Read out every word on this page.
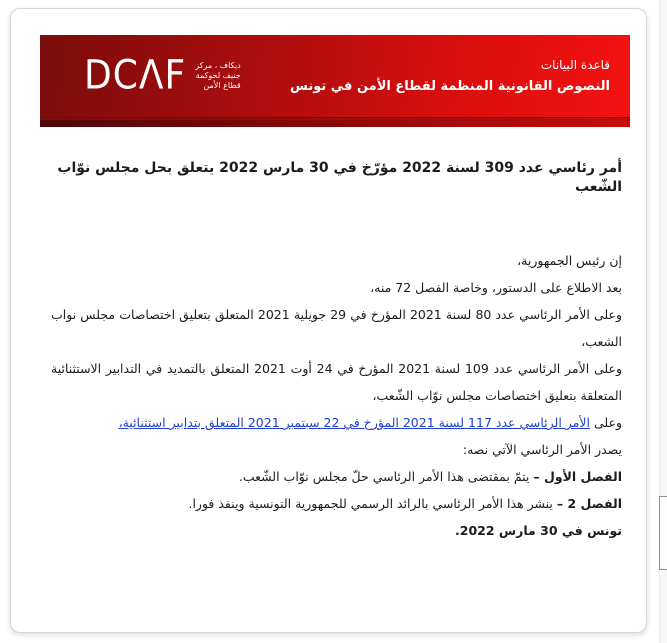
DCΛF ديكاف ، مركز
جنيف لحوكمة
قطاع الأمن
قاعدة البيانات
النصوص القانونية المنظمة لقطاع الأمن في تونس
أمر رئاسي عدد 309 لسنة 2022 مؤرّخ في 30 مارس 2022 يتعلق بحل مجلس نوّاب الشّعب

إن رئيس الجمهورية،

بعد الاطلاع على الدستور، وخاصة الفصل 72 منه،

وعلى الأمر الرئاسي عدد 80 لسنة 2021 المؤرخ في 29 جويلية 2021 المتعلق بتعليق اختصاصات مجلس نواب الشعب،

وعلى الأمر الرئاسي عدد 109 لسنة 2021 المؤرخ في 24 أوت 2021 المتعلق بالتمديد في التدابير الاستثنائية المتعلقة بتعليق اختصاصات مجلس نوّاب الشّعب،

وعلى الأمر الرئاسي عدد 117 لسنة 2021 المؤرخ في 22 سبتمبر 2021 المتعلق بتدابير استثنائية،

يصدر الأمر الرئاسي الآتي نصه:

الفصل الأول – يتمّ بمقتضى هذا الأمر الرئاسي حلّ مجلس نوّاب الشّعب.

الفصل 2 – ينشر هذا الأمر الرئاسي بالرائد الرسمي للجمهورية التونسية وينفذ فورا.

تونس في 30 مارس 2022.
